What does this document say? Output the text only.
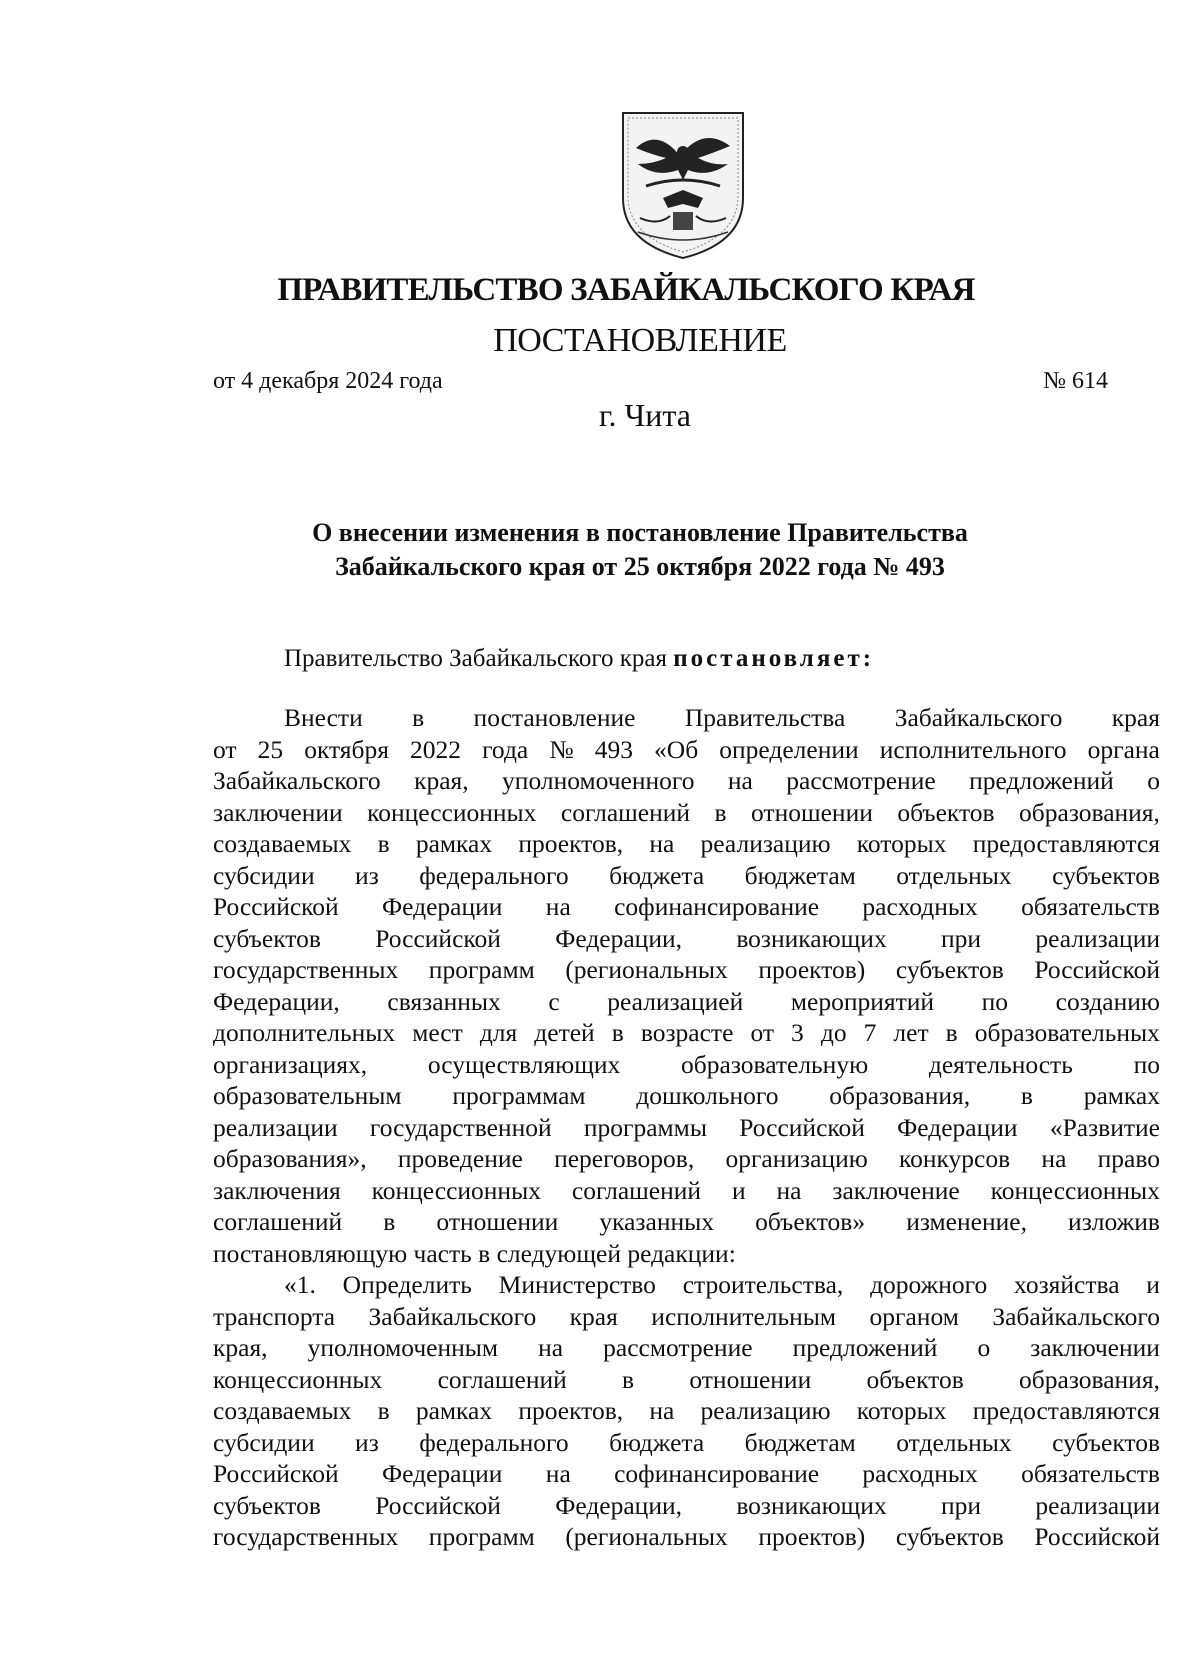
ПРАВИТЕЛЬСТВО ЗАБАЙКАЛЬСКОГО КРАЯ
ПОСТАНОВЛЕНИЕ
от 4 декабря 2024 года	№ 614
г. Чита
О внесении изменения в постановление Правительства
Забайкальского края от 25 октября 2022 года № 493
Правительство Забайкальского края постановляет:
Внести в постановление Правительства Забайкальского края
от 25 октября 2022 года № 493 «Об определении исполнительного органа
Забайкальского края, уполномоченного на рассмотрение предложений о
заключении концессионных соглашений в отношении объектов образования,
создаваемых в рамках проектов, на реализацию которых предоставляются
субсидии из федерального бюджета бюджетам отдельных субъектов
Российской Федерации на софинансирование расходных обязательств
субъектов Российской Федерации, возникающих при реализации
государственных программ (региональных проектов) субъектов Российской
Федерации, связанных с реализацией мероприятий по созданию
дополнительных мест для детей в возрасте от 3 до 7 лет в образовательных
организациях, осуществляющих образовательную деятельность по
образовательным программам дошкольного образования, в рамках
реализации государственной программы Российской Федерации «Развитие
образования», проведение переговоров, организацию конкурсов на право
заключения концессионных соглашений и на заключение концессионных
соглашений в отношении указанных объектов» изменение, изложив
постановляющую часть в следующей редакции:
«1. Определить Министерство строительства, дорожного хозяйства и
транспорта Забайкальского края исполнительным органом Забайкальского
края, уполномоченным на рассмотрение предложений о заключении
концессионных соглашений в отношении объектов образования,
создаваемых в рамках проектов, на реализацию которых предоставляются
субсидии из федерального бюджета бюджетам отдельных субъектов
Российской Федерации на софинансирование расходных обязательств
субъектов Российской Федерации, возникающих при реализации
государственных программ (региональных проектов) субъектов Российской
